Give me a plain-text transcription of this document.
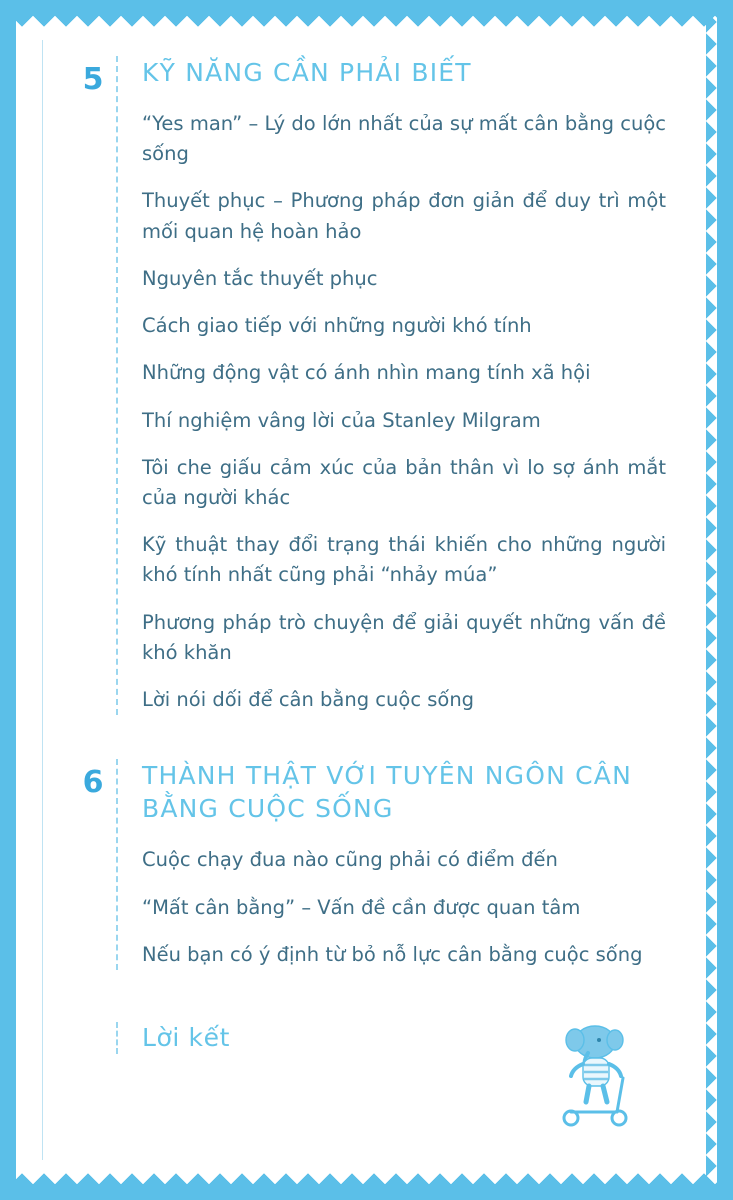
5	KỸ NĂNG CẦN PHẢI BIẾT
“Yes man” – Lý do lớn nhất của sự mất cân bằng cuộc sống
Thuyết phục – Phương pháp đơn giản để duy trì một mối quan hệ hoàn hảo
Nguyên tắc thuyết phục
Cách giao tiếp với những người khó tính
Những động vật có ánh nhìn mang tính xã hội
Thí nghiệm vâng lời của Stanley Milgram
Tôi che giấu cảm xúc của bản thân vì lo sợ ánh mắt của người khác
Kỹ thuật thay đổi trạng thái khiến cho những người khó tính nhất cũng phải “nhảy múa”
Phương pháp trò chuyện để giải quyết những vấn đề khó khăn
Lời nói dối để cân bằng cuộc sống
6	THÀNH THẬT VỚI TUYÊN NGÔN CÂN BẰNG CUỘC SỐNG
Cuộc chạy đua nào cũng phải có điểm đến
“Mất cân bằng” – Vấn đề cần được quan tâm
Nếu bạn có ý định từ bỏ nỗ lực cân bằng cuộc sống
Lời kết
